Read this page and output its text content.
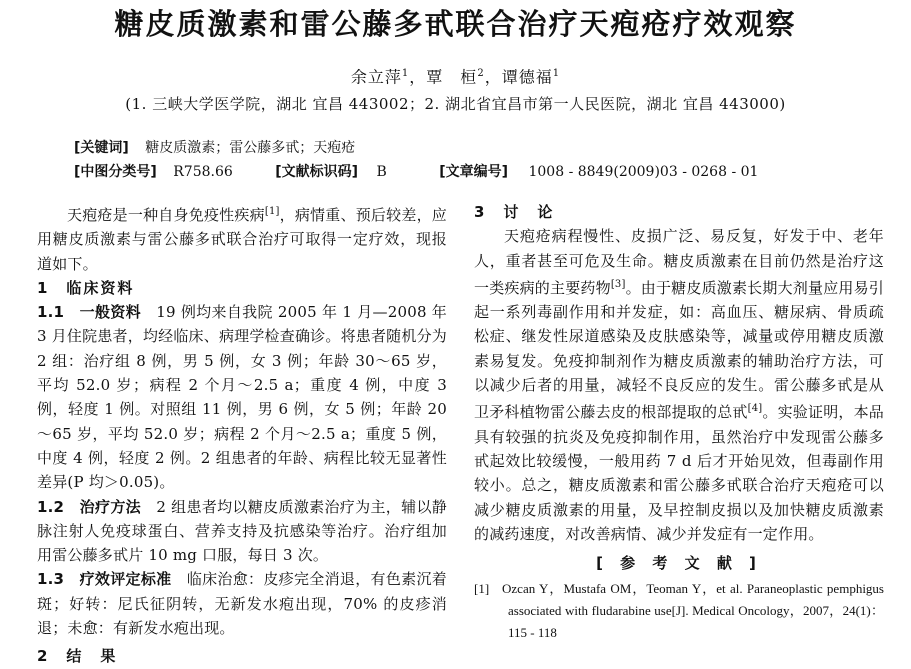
糖皮质激素和雷公藤多甙联合治疗天疱疮疗效观察
余立萍$^1$，覃　桓$^2$，谭德福$^1$
(1. 三峡大学医学院，湖北 宜昌 443002；2. 湖北省宜昌市第一人民医院，湖北 宜昌 443000)
[关键词] 糖皮质激素；雷公藤多甙；天疱疮
[中图分类号] R758.66	[文献标识码] B	[文章编号] 1008 - 8849(2009)03 - 0268 - 01

天疱疮是一种自身免疫性疾病[1]，病情重、预后较差，应用糖皮质激素与雷公藤多甙联合治疗可取得一定疗效，现报道如下。

1　临床资料

1.1　 一般资料　 19 例均来自我院 2005 年 1 月—2008 年 3 月住院患者，均经临床、病理学检查确诊。将患者随机分为 2 组：治疗组 8 例，男 5 例，女 3 例；年龄 30～65 岁，平均 52.0 岁；病程 2 个月～2.5 a；重度 4 例，中度 3 例，轻度 1 例。对照组 11 例，男 6 例，女 5 例；年龄 20～65 岁，平均 52.0 岁；病程 2 个月～2.5 a；重度 5 例，中度 4 例，轻度 2 例。2 组患者的年龄、病程比较无显著性差异(P 均＞0.05)。

1.2　 治疗方法　 2 组患者均以糖皮质激素治疗为主，辅以静脉注射人免疫球蛋白、营养支持及抗感染等治疗。治疗组加用雷公藤多甙片 10 mg 口服，每日 3 次。

1.3　 疗效评定标准　 临床治愈：皮疹完全消退，有色素沉着斑；好转：尼氏征阴转，无新发水疱出现，70% 的皮疹消退；未愈：有新发水疱出现。

2　结　果

3　讨　论

天疱疮病程慢性、皮损广泛、易反复，好发于中、老年人，重者甚至可危及生命。糖皮质激素在目前仍然是治疗这一类疾病的主要药物[3]。由于糖皮质激素长期大剂量应用易引起一系列毒副作用和并发症，如：高血压、糖尿病、骨质疏松症、继发性尿道感染及皮肤感染等，减量或停用糖皮质激素易复发。免疫抑制剂作为糖皮质激素的辅助治疗方法，可以减少后者的用量，减轻不良反应的发生。雷公藤多甙是从卫矛科植物雷公藤去皮的根部提取的总甙[4]。实验证明，本品具有较强的抗炎及免疫抑制作用，虽然治疗中发现雷公藤多甙起效比较缓慢，一般用药 7 d 后才开始见效，但毒副作用较小。总之，糖皮质激素和雷公藤多甙联合治疗天疱疮可以减少糖皮质激素的用量，及早控制皮损以及加快糖皮质激素的减药速度，对改善病情、减少并发症有一定作用。

[ 参 考 文 献 ]

[1] Ozcan Y，Mustafa OM，Teoman Y，et al. Paraneoplastic pemphigus associated with fludarabine use[J]. Medical Oncology，2007，24(1)：115 - 118
